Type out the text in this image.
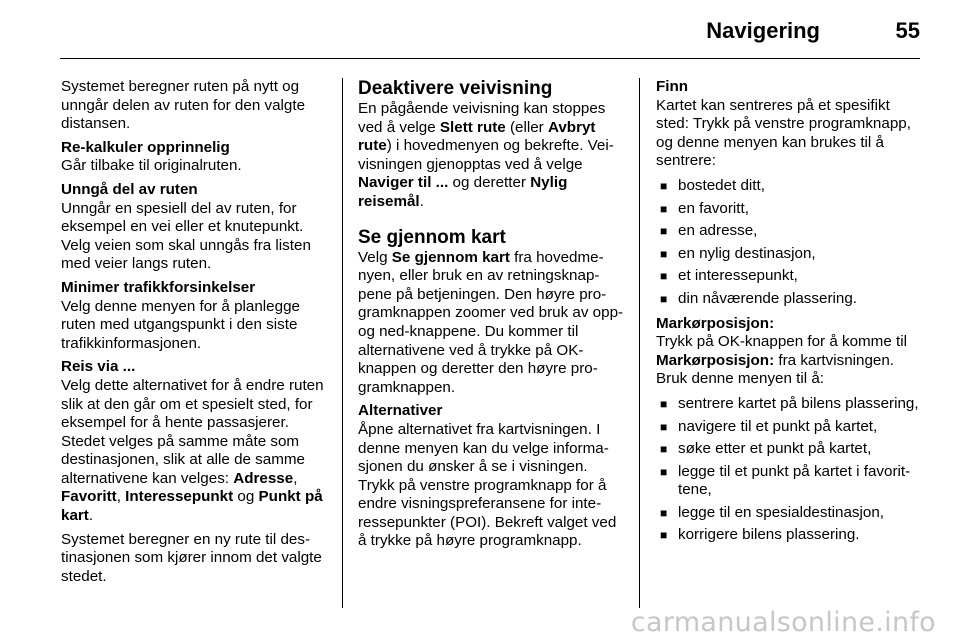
Navigering	55

Systemet beregner ruten på nytt og unngår delen av ruten for den valgte distansen.

Re-kalkuler opprinnelig

Går tilbake til originalruten.

Unngå del av ruten

Unngår en spesiell del av ruten, for eksempel en vei eller et knutepunkt. Velg veien som skal unngås fra listen med veier langs ruten.

Minimer trafikkforsinkelser

Velg denne menyen for å planlegge ruten med utgangspunkt i den siste trafikkinformasjonen.

Reis via ...

Velg dette alternativet for å endre ruten slik at den går om et spesielt sted, for eksempel for å hente passasjerer. Stedet velges på samme måte som destinasjonen, slik at alle de samme alternativene kan velges: Adresse, Favoritt, Interessepunkt og Punkt på kart.

Systemet beregner en ny rute til destinasjonen som kjører innom det valgte stedet.

Deaktivere veivisning

En pågående veivisning kan stoppes ved å velge Slett rute (eller Avbryt rute) i hovedmenyen og bekrefte. Veivisningen gjenopptas ved å velge Naviger til ... og deretter Nylig reisemål.

Se gjennom kart

Velg Se gjennom kart fra hovedmenyen, eller bruk en av retningsknappene på betjeningen. Den høyre programknappen zoomer ved bruk av opp- og ned-knappene. Du kommer til alternativene ved å trykke på OK-knappen og deretter den høyre programknappen.

Alternativer

Åpne alternativet fra kartvisningen. I denne menyen kan du velge informasjonen du ønsker å se i visningen. Trykk på venstre programknapp for å endre visningspreferansene for interessepunkter (POI). Bekreft valget ved å trykke på høyre programknapp.

Finn

Kartet kan sentreres på et spesifikt sted: Trykk på venstre programknapp, og denne menyen kan brukes til å sentrere:

■ bostedet ditt,
■ en favoritt,
■ en adresse,
■ en nylig destinasjon,
■ et interessepunkt,
■ din nåværende plassering.
Markørposisjon:

Trykk på OK-knappen for å komme til Markørposisjon: fra kartvisningen.

Bruk denne menyen til å:

■ sentrere kartet på bilens plassering,
■ navigere til et punkt på kartet,
■ søke etter et punkt på kartet,
■ legge til et punkt på kartet i favorittene,
■ legge til en spesialdestinasjon,
■ korrigere bilens plassering.
carmanualsonline.info
